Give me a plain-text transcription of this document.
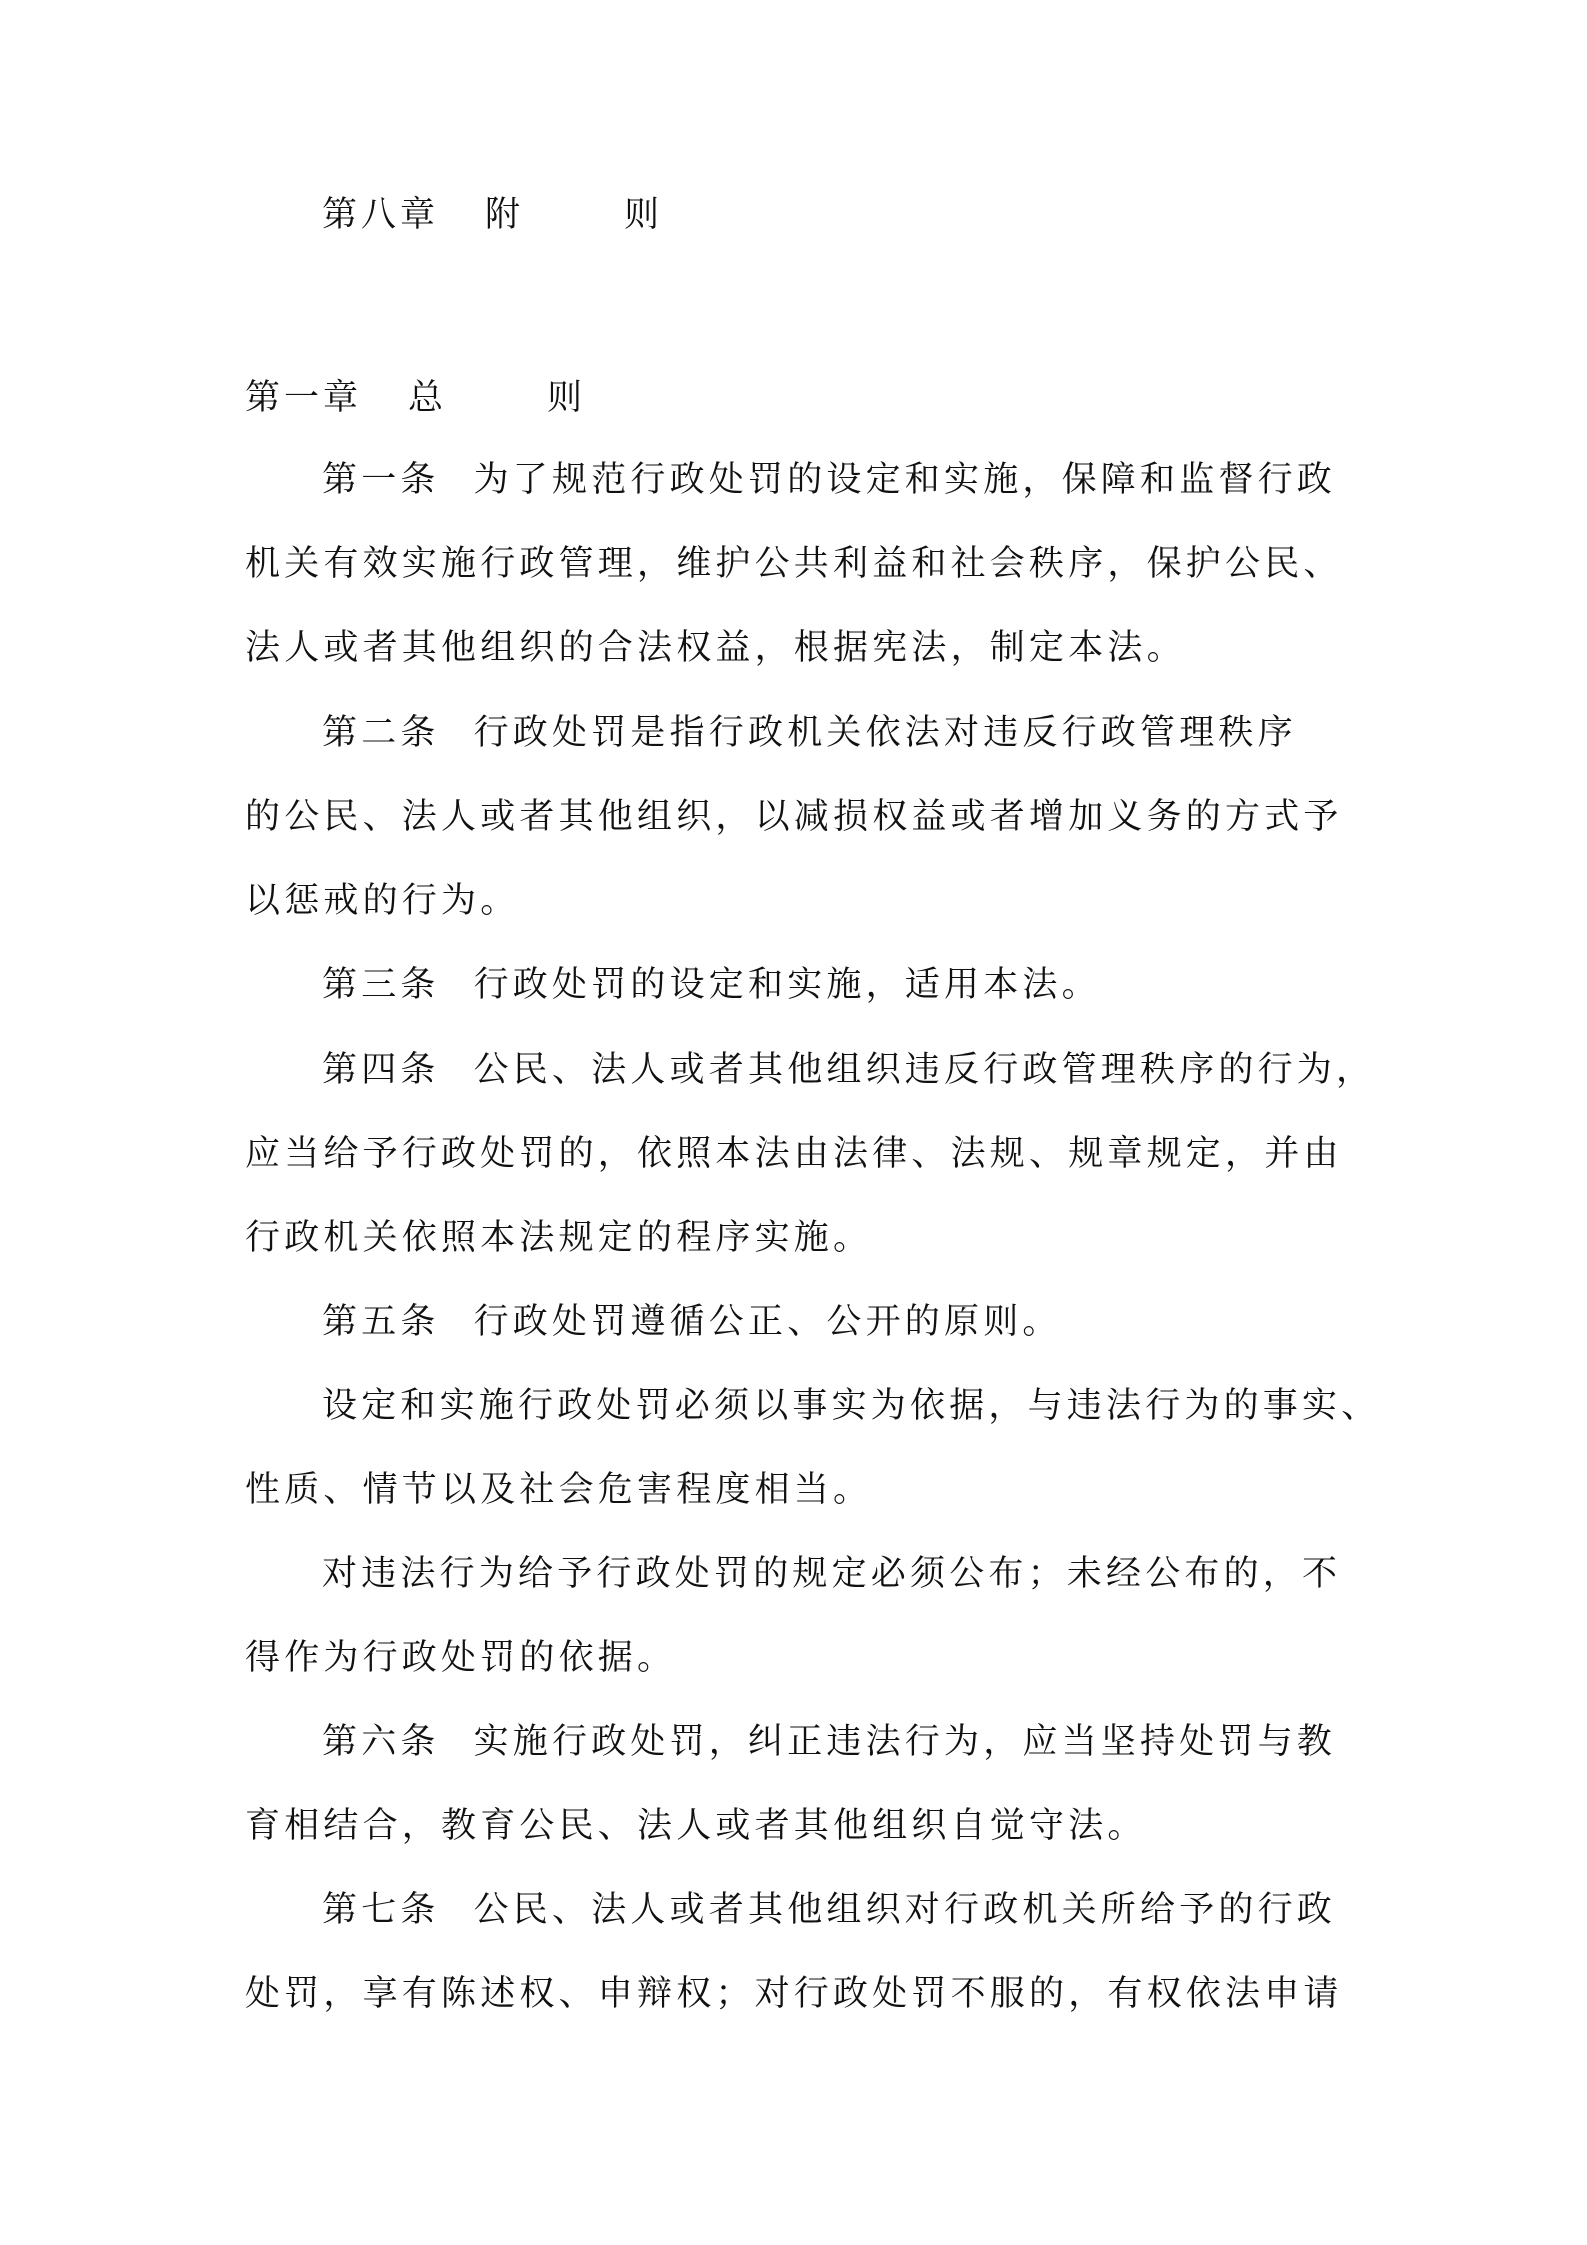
第八章 附	则
第一章 总	则
第一条 为了规范行政处罚的设定和实施，保障和监督行政
机关有效实施行政管理，维护公共利益和社会秩序，保护公民、
法人或者其他组织的合法权益，根据宪法，制定本法。
第二条 行政处罚是指行政机关依法对违反行政管理秩序
的公民、法人或者其他组织，以减损权益或者增加义务的方式予
以惩戒的行为。
第三条 行政处罚的设定和实施，适用本法。
第四条 公民、法人或者其他组织违反行政管理秩序的行为，
应当给予行政处罚的，依照本法由法律、法规、规章规定，并由
行政机关依照本法规定的程序实施。
第五条 行政处罚遵循公正、公开的原则。
设定和实施行政处罚必须以事实为依据，与违法行为的事实、
性质、情节以及社会危害程度相当。
对违法行为给予行政处罚的规定必须公布；未经公布的，不
得作为行政处罚的依据。
第六条 实施行政处罚，纠正违法行为，应当坚持处罚与教
育相结合，教育公民、法人或者其他组织自觉守法。
第七条 公民、法人或者其他组织对行政机关所给予的行政
处罚，享有陈述权、申辩权；对行政处罚不服的，有权依法申请
